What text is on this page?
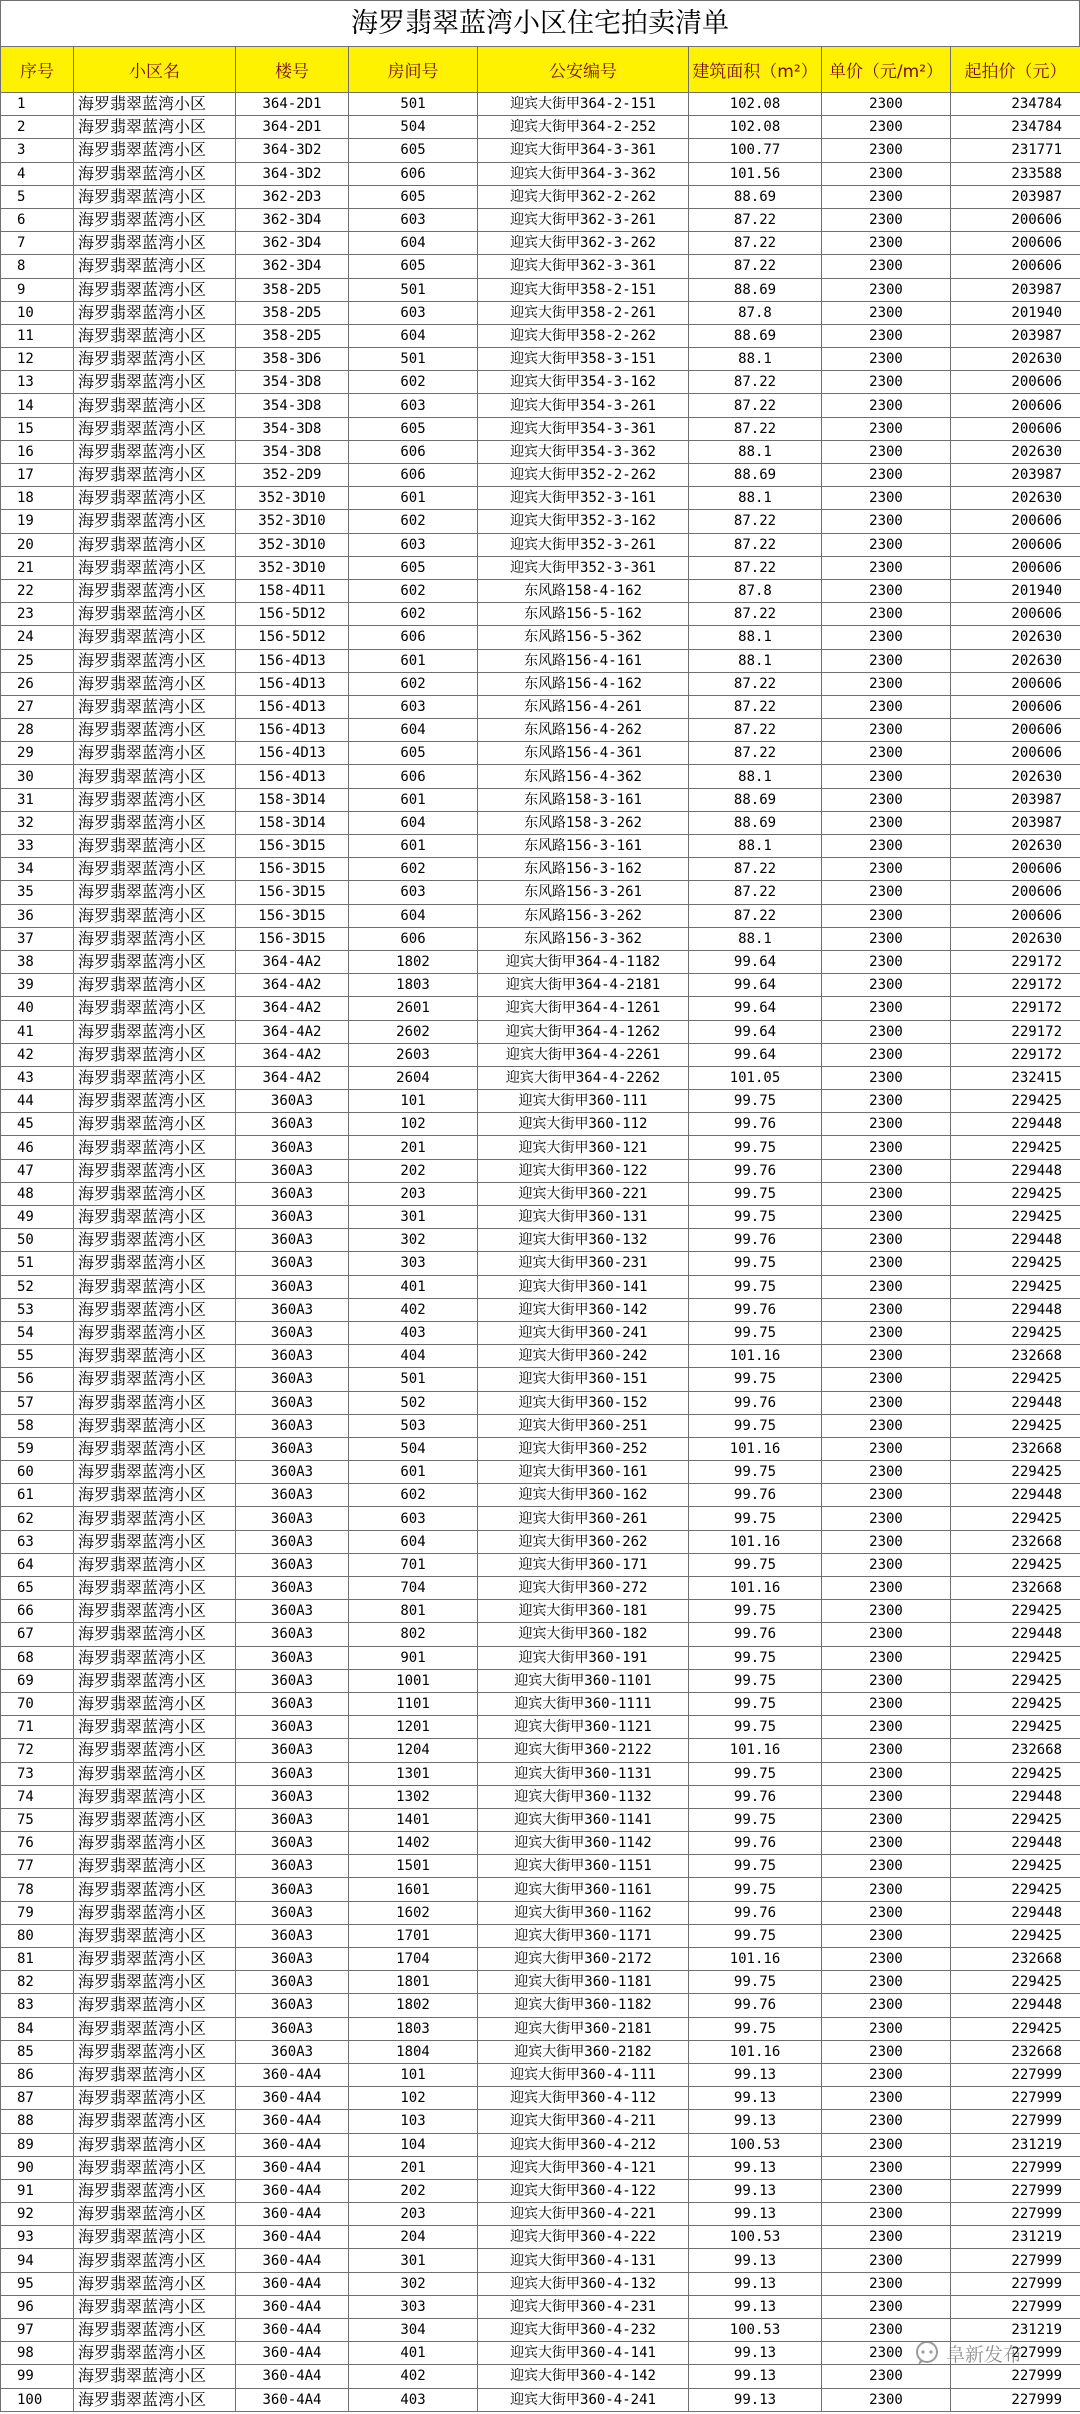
海罗翡翠蓝湾小区住宅拍卖清单
序号	小区名	楼号	房间号	公安编号	建筑面积（m²）	单价（元/m²）	起拍价（元）
1	海罗翡翠蓝湾小区	364-2D1	501	迎宾大街甲364-2-151	102.08	2300	234784
2	海罗翡翠蓝湾小区	364-2D1	504	迎宾大街甲364-2-252	102.08	2300	234784
3	海罗翡翠蓝湾小区	364-3D2	605	迎宾大街甲364-3-361	100.77	2300	231771
4	海罗翡翠蓝湾小区	364-3D2	606	迎宾大街甲364-3-362	101.56	2300	233588
5	海罗翡翠蓝湾小区	362-2D3	605	迎宾大街甲362-2-262	88.69	2300	203987
6	海罗翡翠蓝湾小区	362-3D4	603	迎宾大街甲362-3-261	87.22	2300	200606
7	海罗翡翠蓝湾小区	362-3D4	604	迎宾大街甲362-3-262	87.22	2300	200606
8	海罗翡翠蓝湾小区	362-3D4	605	迎宾大街甲362-3-361	87.22	2300	200606
9	海罗翡翠蓝湾小区	358-2D5	501	迎宾大街甲358-2-151	88.69	2300	203987
10	海罗翡翠蓝湾小区	358-2D5	603	迎宾大街甲358-2-261	87.8	2300	201940
11	海罗翡翠蓝湾小区	358-2D5	604	迎宾大街甲358-2-262	88.69	2300	203987
12	海罗翡翠蓝湾小区	358-3D6	501	迎宾大街甲358-3-151	88.1	2300	202630
13	海罗翡翠蓝湾小区	354-3D8	602	迎宾大街甲354-3-162	87.22	2300	200606
14	海罗翡翠蓝湾小区	354-3D8	603	迎宾大街甲354-3-261	87.22	2300	200606
15	海罗翡翠蓝湾小区	354-3D8	605	迎宾大街甲354-3-361	87.22	2300	200606
16	海罗翡翠蓝湾小区	354-3D8	606	迎宾大街甲354-3-362	88.1	2300	202630
17	海罗翡翠蓝湾小区	352-2D9	606	迎宾大街甲352-2-262	88.69	2300	203987
18	海罗翡翠蓝湾小区	352-3D10	601	迎宾大街甲352-3-161	88.1	2300	202630
19	海罗翡翠蓝湾小区	352-3D10	602	迎宾大街甲352-3-162	87.22	2300	200606
20	海罗翡翠蓝湾小区	352-3D10	603	迎宾大街甲352-3-261	87.22	2300	200606
21	海罗翡翠蓝湾小区	352-3D10	605	迎宾大街甲352-3-361	87.22	2300	200606
22	海罗翡翠蓝湾小区	158-4D11	602	东风路158-4-162	87.8	2300	201940
23	海罗翡翠蓝湾小区	156-5D12	602	东风路156-5-162	87.22	2300	200606
24	海罗翡翠蓝湾小区	156-5D12	606	东风路156-5-362	88.1	2300	202630
25	海罗翡翠蓝湾小区	156-4D13	601	东风路156-4-161	88.1	2300	202630
26	海罗翡翠蓝湾小区	156-4D13	602	东风路156-4-162	87.22	2300	200606
27	海罗翡翠蓝湾小区	156-4D13	603	东风路156-4-261	87.22	2300	200606
28	海罗翡翠蓝湾小区	156-4D13	604	东风路156-4-262	87.22	2300	200606
29	海罗翡翠蓝湾小区	156-4D13	605	东风路156-4-361	87.22	2300	200606
30	海罗翡翠蓝湾小区	156-4D13	606	东风路156-4-362	88.1	2300	202630
31	海罗翡翠蓝湾小区	158-3D14	601	东风路158-3-161	88.69	2300	203987
32	海罗翡翠蓝湾小区	158-3D14	604	东风路158-3-262	88.69	2300	203987
33	海罗翡翠蓝湾小区	156-3D15	601	东风路156-3-161	88.1	2300	202630
34	海罗翡翠蓝湾小区	156-3D15	602	东风路156-3-162	87.22	2300	200606
35	海罗翡翠蓝湾小区	156-3D15	603	东风路156-3-261	87.22	2300	200606
36	海罗翡翠蓝湾小区	156-3D15	604	东风路156-3-262	87.22	2300	200606
37	海罗翡翠蓝湾小区	156-3D15	606	东风路156-3-362	88.1	2300	202630
38	海罗翡翠蓝湾小区	364-4A2	1802	迎宾大街甲364-4-1182	99.64	2300	229172
39	海罗翡翠蓝湾小区	364-4A2	1803	迎宾大街甲364-4-2181	99.64	2300	229172
40	海罗翡翠蓝湾小区	364-4A2	2601	迎宾大街甲364-4-1261	99.64	2300	229172
41	海罗翡翠蓝湾小区	364-4A2	2602	迎宾大街甲364-4-1262	99.64	2300	229172
42	海罗翡翠蓝湾小区	364-4A2	2603	迎宾大街甲364-4-2261	99.64	2300	229172
43	海罗翡翠蓝湾小区	364-4A2	2604	迎宾大街甲364-4-2262	101.05	2300	232415
44	海罗翡翠蓝湾小区	360A3	101	迎宾大街甲360-111	99.75	2300	229425
45	海罗翡翠蓝湾小区	360A3	102	迎宾大街甲360-112	99.76	2300	229448
46	海罗翡翠蓝湾小区	360A3	201	迎宾大街甲360-121	99.75	2300	229425
47	海罗翡翠蓝湾小区	360A3	202	迎宾大街甲360-122	99.76	2300	229448
48	海罗翡翠蓝湾小区	360A3	203	迎宾大街甲360-221	99.75	2300	229425
49	海罗翡翠蓝湾小区	360A3	301	迎宾大街甲360-131	99.75	2300	229425
50	海罗翡翠蓝湾小区	360A3	302	迎宾大街甲360-132	99.76	2300	229448
51	海罗翡翠蓝湾小区	360A3	303	迎宾大街甲360-231	99.75	2300	229425
52	海罗翡翠蓝湾小区	360A3	401	迎宾大街甲360-141	99.75	2300	229425
53	海罗翡翠蓝湾小区	360A3	402	迎宾大街甲360-142	99.76	2300	229448
54	海罗翡翠蓝湾小区	360A3	403	迎宾大街甲360-241	99.75	2300	229425
55	海罗翡翠蓝湾小区	360A3	404	迎宾大街甲360-242	101.16	2300	232668
56	海罗翡翠蓝湾小区	360A3	501	迎宾大街甲360-151	99.75	2300	229425
57	海罗翡翠蓝湾小区	360A3	502	迎宾大街甲360-152	99.76	2300	229448
58	海罗翡翠蓝湾小区	360A3	503	迎宾大街甲360-251	99.75	2300	229425
59	海罗翡翠蓝湾小区	360A3	504	迎宾大街甲360-252	101.16	2300	232668
60	海罗翡翠蓝湾小区	360A3	601	迎宾大街甲360-161	99.75	2300	229425
61	海罗翡翠蓝湾小区	360A3	602	迎宾大街甲360-162	99.76	2300	229448
62	海罗翡翠蓝湾小区	360A3	603	迎宾大街甲360-261	99.75	2300	229425
63	海罗翡翠蓝湾小区	360A3	604	迎宾大街甲360-262	101.16	2300	232668
64	海罗翡翠蓝湾小区	360A3	701	迎宾大街甲360-171	99.75	2300	229425
65	海罗翡翠蓝湾小区	360A3	704	迎宾大街甲360-272	101.16	2300	232668
66	海罗翡翠蓝湾小区	360A3	801	迎宾大街甲360-181	99.75	2300	229425
67	海罗翡翠蓝湾小区	360A3	802	迎宾大街甲360-182	99.76	2300	229448
68	海罗翡翠蓝湾小区	360A3	901	迎宾大街甲360-191	99.75	2300	229425
69	海罗翡翠蓝湾小区	360A3	1001	迎宾大街甲360-1101	99.75	2300	229425
70	海罗翡翠蓝湾小区	360A3	1101	迎宾大街甲360-1111	99.75	2300	229425
71	海罗翡翠蓝湾小区	360A3	1201	迎宾大街甲360-1121	99.75	2300	229425
72	海罗翡翠蓝湾小区	360A3	1204	迎宾大街甲360-2122	101.16	2300	232668
73	海罗翡翠蓝湾小区	360A3	1301	迎宾大街甲360-1131	99.75	2300	229425
74	海罗翡翠蓝湾小区	360A3	1302	迎宾大街甲360-1132	99.76	2300	229448
75	海罗翡翠蓝湾小区	360A3	1401	迎宾大街甲360-1141	99.75	2300	229425
76	海罗翡翠蓝湾小区	360A3	1402	迎宾大街甲360-1142	99.76	2300	229448
77	海罗翡翠蓝湾小区	360A3	1501	迎宾大街甲360-1151	99.75	2300	229425
78	海罗翡翠蓝湾小区	360A3	1601	迎宾大街甲360-1161	99.75	2300	229425
79	海罗翡翠蓝湾小区	360A3	1602	迎宾大街甲360-1162	99.76	2300	229448
80	海罗翡翠蓝湾小区	360A3	1701	迎宾大街甲360-1171	99.75	2300	229425
81	海罗翡翠蓝湾小区	360A3	1704	迎宾大街甲360-2172	101.16	2300	232668
82	海罗翡翠蓝湾小区	360A3	1801	迎宾大街甲360-1181	99.75	2300	229425
83	海罗翡翠蓝湾小区	360A3	1802	迎宾大街甲360-1182	99.76	2300	229448
84	海罗翡翠蓝湾小区	360A3	1803	迎宾大街甲360-2181	99.75	2300	229425
85	海罗翡翠蓝湾小区	360A3	1804	迎宾大街甲360-2182	101.16	2300	232668
86	海罗翡翠蓝湾小区	360-4A4	101	迎宾大街甲360-4-111	99.13	2300	227999
87	海罗翡翠蓝湾小区	360-4A4	102	迎宾大街甲360-4-112	99.13	2300	227999
88	海罗翡翠蓝湾小区	360-4A4	103	迎宾大街甲360-4-211	99.13	2300	227999
89	海罗翡翠蓝湾小区	360-4A4	104	迎宾大街甲360-4-212	100.53	2300	231219
90	海罗翡翠蓝湾小区	360-4A4	201	迎宾大街甲360-4-121	99.13	2300	227999
91	海罗翡翠蓝湾小区	360-4A4	202	迎宾大街甲360-4-122	99.13	2300	227999
92	海罗翡翠蓝湾小区	360-4A4	203	迎宾大街甲360-4-221	99.13	2300	227999
93	海罗翡翠蓝湾小区	360-4A4	204	迎宾大街甲360-4-222	100.53	2300	231219
94	海罗翡翠蓝湾小区	360-4A4	301	迎宾大街甲360-4-131	99.13	2300	227999
95	海罗翡翠蓝湾小区	360-4A4	302	迎宾大街甲360-4-132	99.13	2300	227999
96	海罗翡翠蓝湾小区	360-4A4	303	迎宾大街甲360-4-231	99.13	2300	227999
97	海罗翡翠蓝湾小区	360-4A4	304	迎宾大街甲360-4-232	100.53	2300	231219
98	海罗翡翠蓝湾小区	360-4A4	401	迎宾大街甲360-4-141	99.13	2300	227999
99	海罗翡翠蓝湾小区	360-4A4	402	迎宾大街甲360-4-142	99.13	2300	227999
100	海罗翡翠蓝湾小区	360-4A4	403	迎宾大街甲360-4-241	99.13	2300	227999
阜新发布
